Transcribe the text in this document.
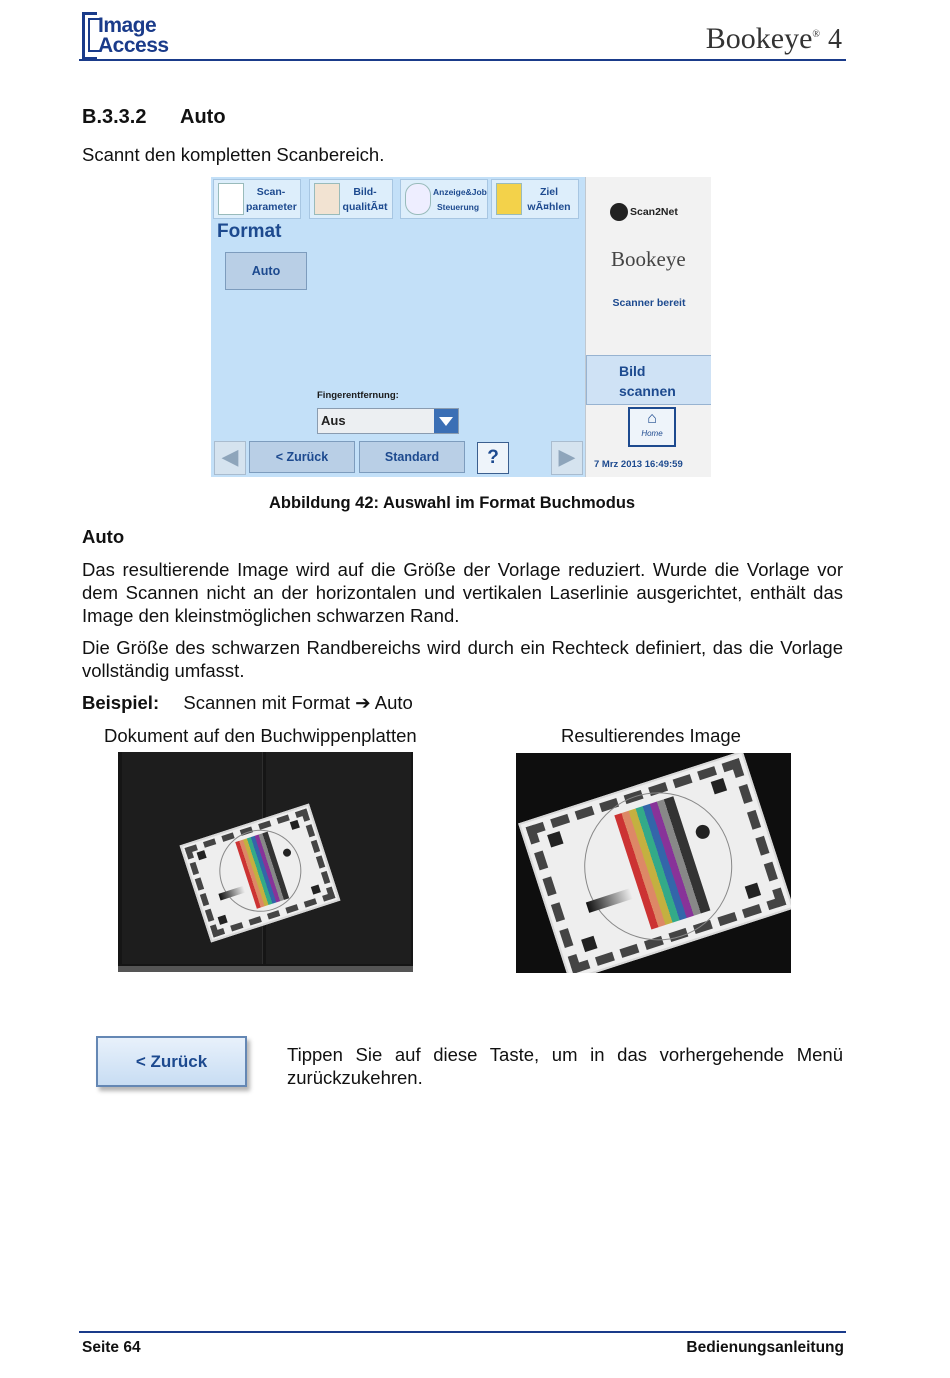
Image
Access	Bookeye® 4
B.3.3.2 Auto
Scannt den kompletten Scanbereich.
Scan-
parameter
Bild-
qualitÃ¤t
Anzeige&Job
Steuerung
Ziel
wÃ¤hlen
Format
Auto
Fingerentfernung:
Aus
◀	< Zurück	Standard	?	▶
Scan2Net
Bookeye
Scanner bereit
Bild
scannen
⌂
Home
7 Mrz 2013 16:49:59
Abbildung 42: Auswahl im Format Buchmodus
Auto
Das resultierende Image wird auf die Größe der Vorlage reduziert. Wurde die Vorlage vor dem Scannen nicht an der horizontalen und vertikalen Laserlinie ausgerichtet, enthält das Image den kleinstmöglichen schwarzen Rand.
Die Größe des schwarzen Randbereichs wird durch ein Rechteck definiert, das die Vorlage vollständig umfasst.
Beispiel: Scannen mit Format ➔ Auto
Dokument auf den Buchwippenplatten	Resultierendes Image
< Zurück	Tippen Sie auf diese Taste, um in das vorhergehende Menü zurückzukehren.
Seite 64	Bedienungsanleitung
